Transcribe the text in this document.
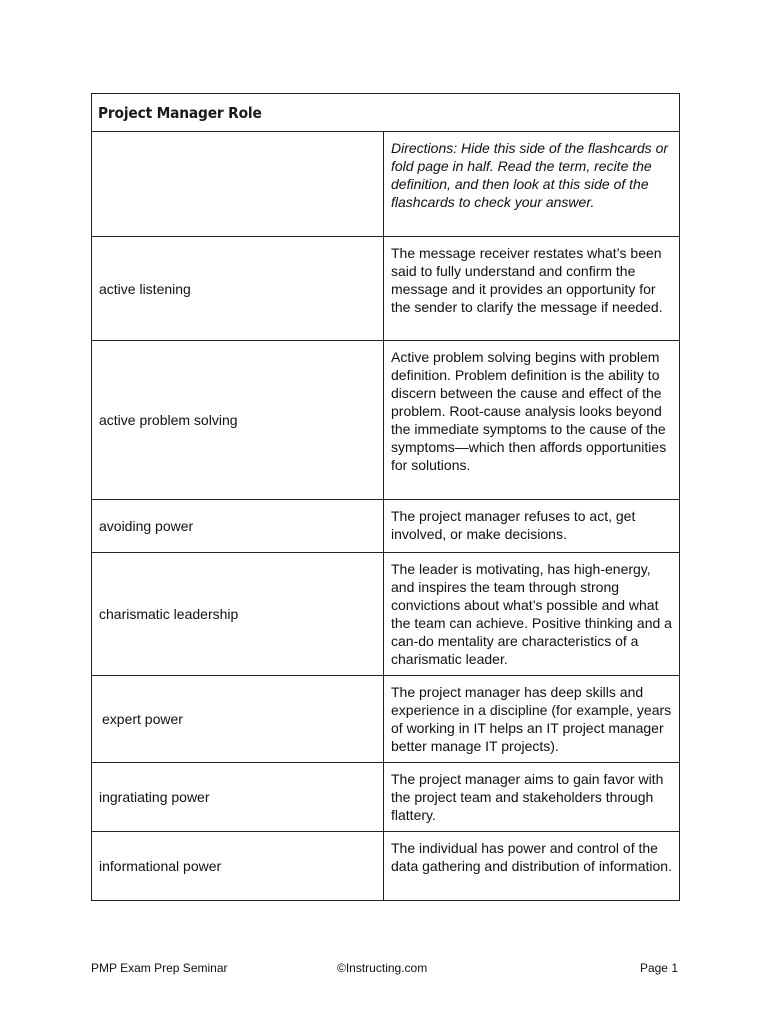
Project Manager Role	
	Directions: Hide this side of the flashcards or fold page in half. Read the term, recite the definition, and then look at this side of the flashcards to check your answer.
active listening	The message receiver restates what’s been said to fully understand and confirm the message and it provides an opportunity for the sender to clarify the message if needed.
active problem solving	Active problem solving begins with problem definition. Problem definition is the ability to discern between the cause and effect of the problem. Root-cause analysis looks beyond the immediate symptoms to the cause of the symptoms—which then affords opportunities for solutions.
avoiding power	The project manager refuses to act, get involved, or make decisions.
charismatic leadership	The leader is motivating, has high-energy, and inspires the team through strong convictions about what’s possible and what the team can achieve. Positive thinking and a can-do mentality are characteristics of a charismatic leader.
expert power	The project manager has deep skills and experience in a discipline (for example, years of working in IT helps an IT project manager better manage IT projects).
ingratiating power	The project manager aims to gain favor with the project team and stakeholders through flattery.
informational power	The individual has power and control of the data gathering and distribution of information.
PMP Exam Prep Seminar	©Instructing.com	Page 1
